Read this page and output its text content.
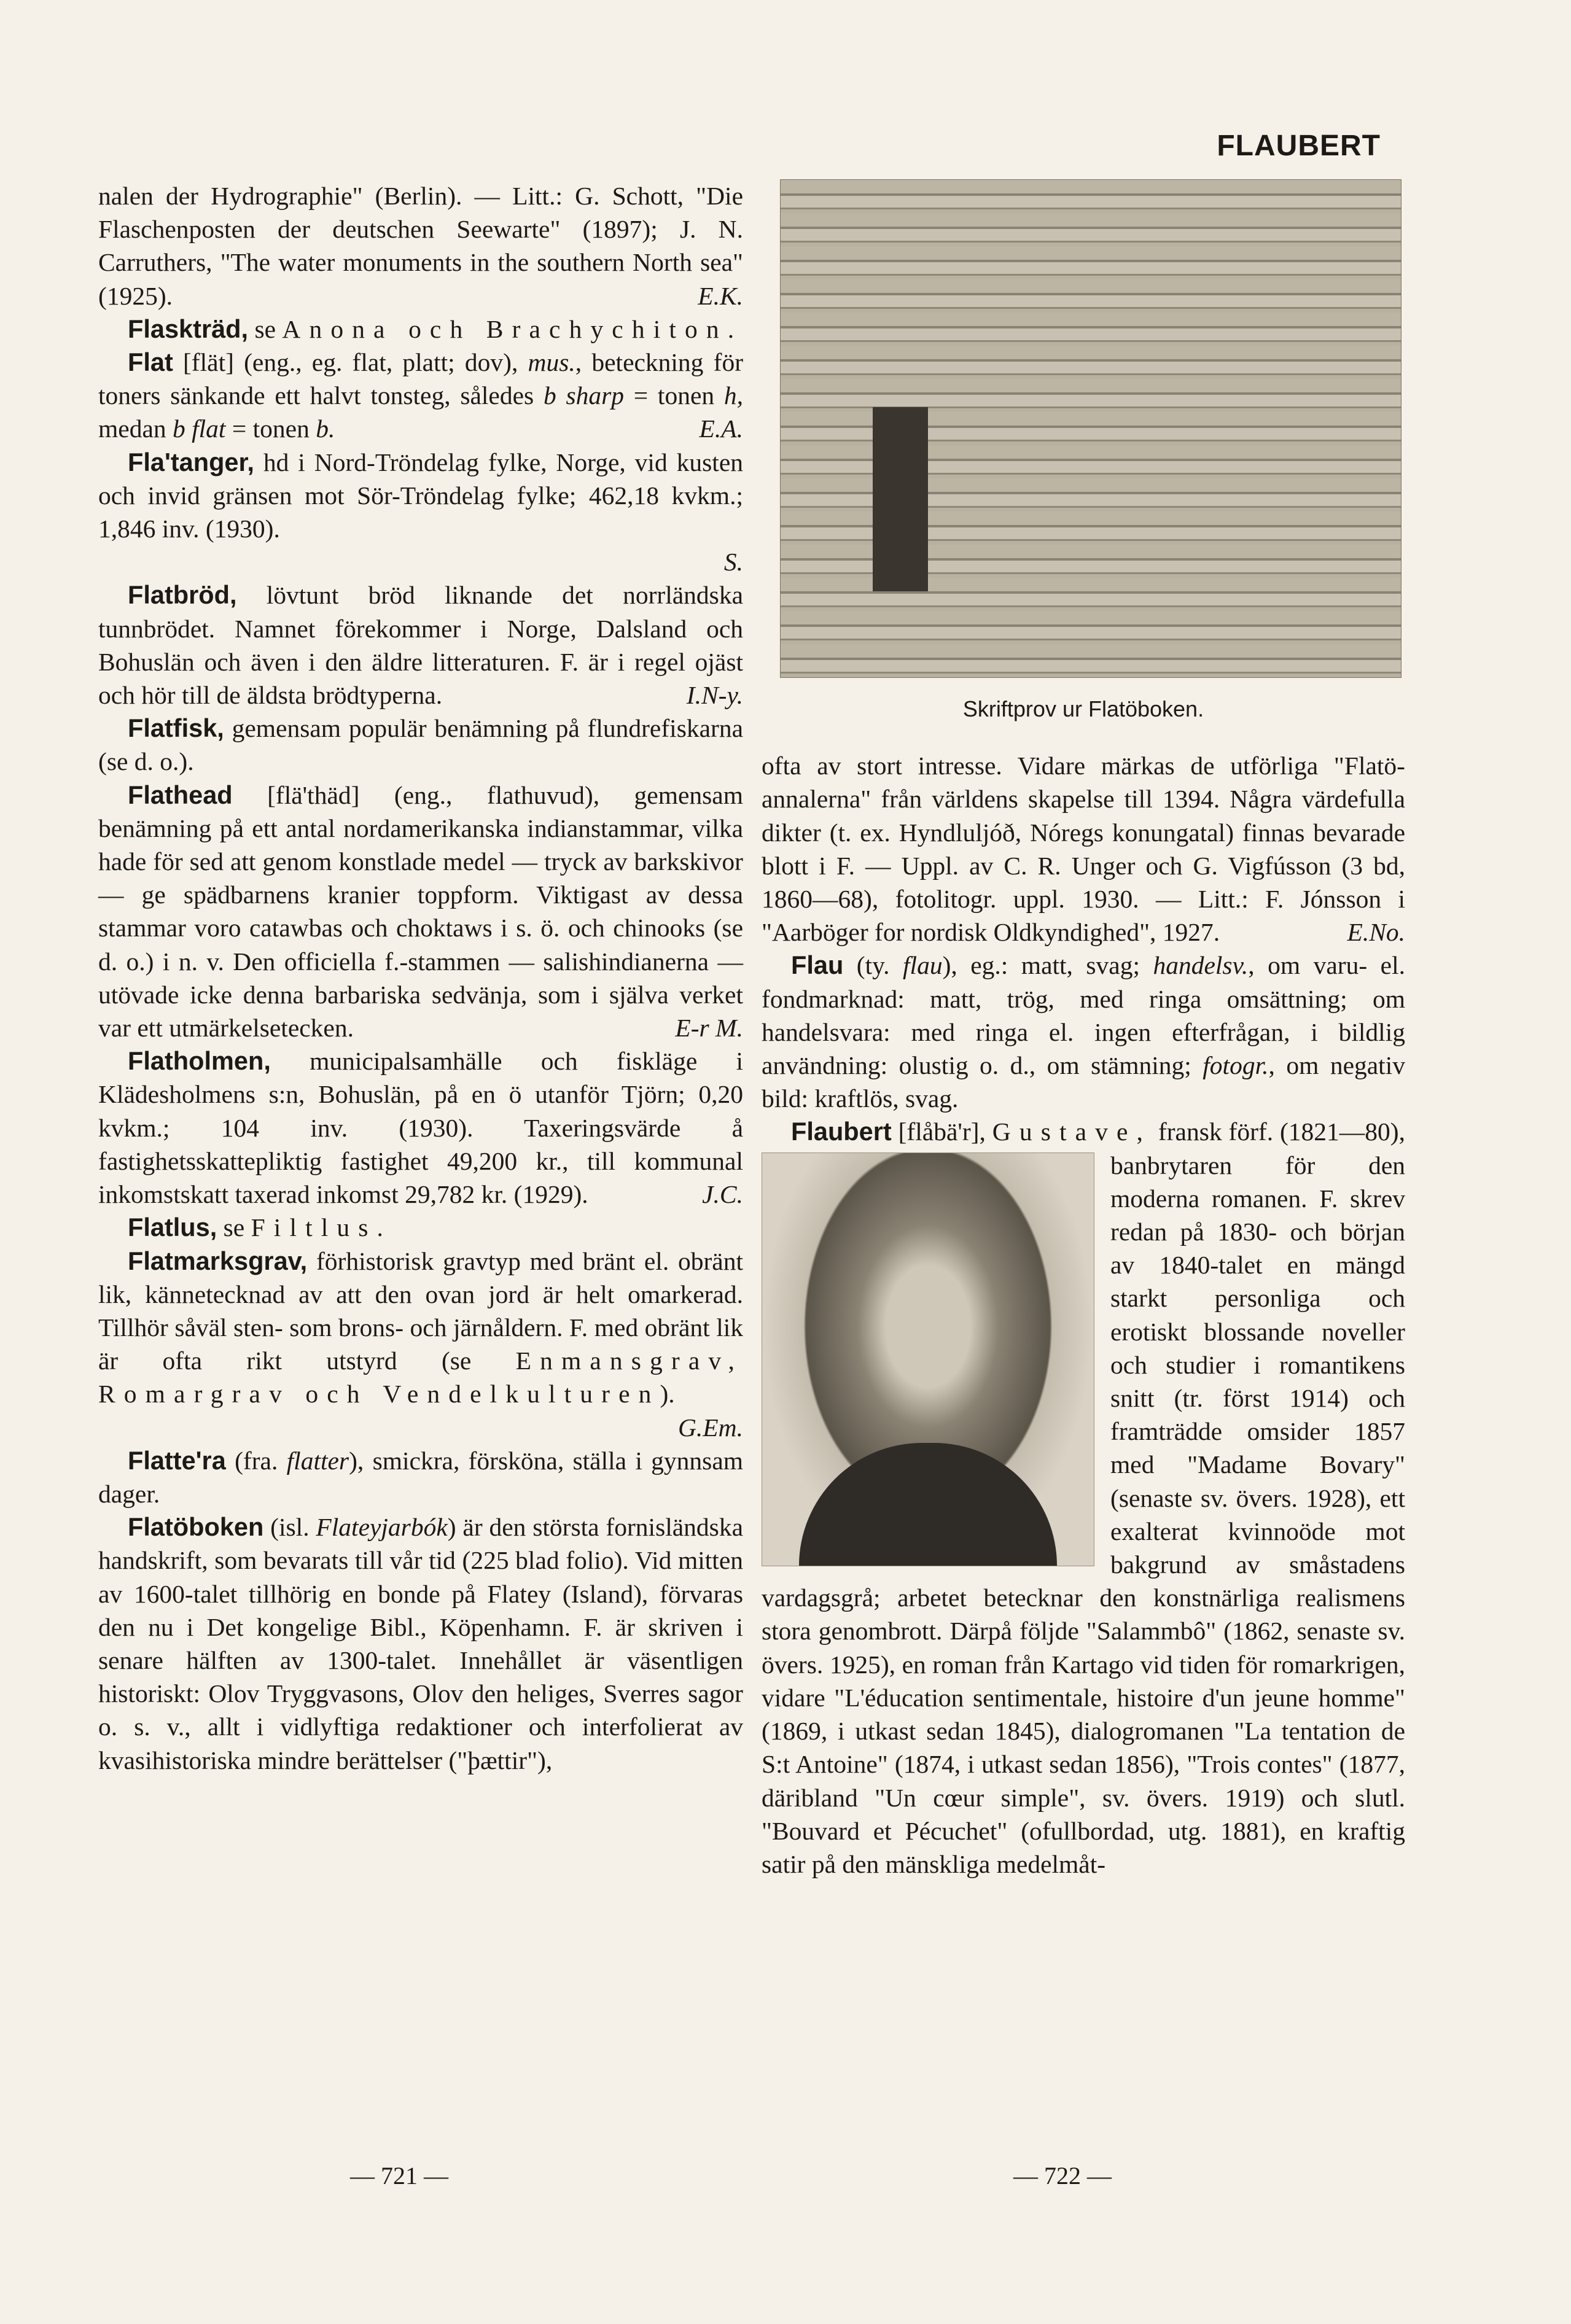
FLAUBERT

nalen der Hydrographie" (Berlin). — Litt.: G. Schott, "Die Flaschenposten der deutschen Seewarte" (1897); J. N. Carruthers, "The water monuments in the southern North sea" (1925).	E.K.

Flaskträd, se Anona och Brachychiton.

Flat [flät] (eng., eg. flat, platt; dov), mus., beteckning för toners sänkande ett halvt tonsteg, således b sharp = tonen h, medan b flat = tonen b.	E.A.

Fla'tanger, hd i Nord-Tröndelag fylke, Norge, vid kusten och invid gränsen mot Sör-Tröndelag fylke; 462,18 kvkm.; 1,846 inv. (1930).

S.

Flatbröd, lövtunt bröd liknande det norrländska tunnbrödet. Namnet förekommer i Norge, Dalsland och Bohuslän och även i den äldre litteraturen. F. är i regel ojäst och hör till de äldsta brödtyperna.	I.N-y.

Flatfisk, gemensam populär benämning på flundrefiskarna (se d. o.).

Flathead [flä'thäd] (eng., flathuvud), gemensam benämning på ett antal nordamerikanska indianstammar, vilka hade för sed att genom konstlade medel — tryck av barkskivor — ge spädbarnens kranier toppform. Viktigast av dessa stammar voro catawbas och choktaws i s. ö. och chinooks (se d. o.) i n. v. Den officiella f.-stammen — salishindianerna — utövade icke denna barbariska sedvänja, som i själva verket var ett utmärkelsetecken.	E-r M.

Flatholmen, municipalsamhälle och fiskläge i Klädesholmens s:n, Bohuslän, på en ö utanför Tjörn; 0,20 kvkm.; 104 inv. (1930). Taxeringsvärde å fastighetsskattepliktig fastighet 49,200 kr., till kommunal inkomstskatt taxerad inkomst 29,782 kr. (1929).	J.C.

Flatlus, se Filtlus.

Flatmarksgrav, förhistorisk gravtyp med bränt el. obränt lik, kännetecknad av att den ovan jord är helt omarkerad. Tillhör såväl sten- som brons- och järnåldern. F. med obränt lik är ofta rikt utstyrd (se Enmansgrav, Romargrav och Vendelkulturen).
G.Em.

Flatte'ra (fra. flatter), smickra, försköna, ställa i gynnsam dager.

Flatöboken (isl. Flateyjarbók) är den största fornisländska handskrift, som bevarats till vår tid (225 blad folio). Vid mitten av 1600-talet tillhörig en bonde på Flatey (Island), förvaras den nu i Det kongelige Bibl., Köpenhamn. F. är skriven i senare hälften av 1300-talet. Innehållet är väsentligen historiskt: Olov Tryggvasons, Olov den heliges, Sverres sagor o. s. v., allt i vidlyftiga redaktioner och interfolierat av kvasihistoriska mindre berättelser ("þættir"),

Skriftprov ur Flatöboken.

ofta av stort intresse. Vidare märkas de utförliga "Flatö-annalerna" från världens skapelse till 1394. Några värdefulla dikter (t. ex. Hyndluljóð, Nóregs konungatal) finnas bevarade blott i F. — Uppl. av C. R. Unger och G. Vigfússon (3 bd, 1860—68), fotolitogr. uppl. 1930. — Litt.: F. Jónsson i "Aarböger for nordisk Oldkyndighed", 1927.	E.No.

Flau (ty. flau), eg.: matt, svag; handelsv., om varu- el. fondmarknad: matt, trög, med ringa omsättning; om handelsvara: med ringa el. ingen efterfrågan, i bildlig användning: olustig o. d., om stämning; fotogr., om negativ bild: kraftlös, svag.

Flaubert [flåbä'r], Gustave, fransk förf. (1821—80), banbrytaren för den moderna romanen. F. skrev redan på 1830- och början av 1840-talet en mängd starkt personliga och erotiskt blossande noveller och studier i romantikens snitt (tr. först 1914) och framträdde omsider 1857 med "Madame Bovary" (senaste sv. övers. 1928), ett exalterat kvinnoöde mot bakgrund av småstadens vardagsgrå; arbetet betecknar den konstnärliga realismens stora genombrott. Därpå följde "Salammbô" (1862, senaste sv. övers. 1925), en roman från Kartago vid tiden för romarkrigen, vidare "L'éducation sentimentale, histoire d'un jeune homme" (1869, i utkast sedan 1845), dialogromanen "La tentation de S:t Antoine" (1874, i utkast sedan 1856), "Trois contes" (1877, däribland "Un cœur simple", sv. övers. 1919) och slutl. "Bouvard et Pécuchet" (ofullbordad, utg. 1881), en kraftig satir på den mänskliga medelmåt-

— 721 —	— 722 —
